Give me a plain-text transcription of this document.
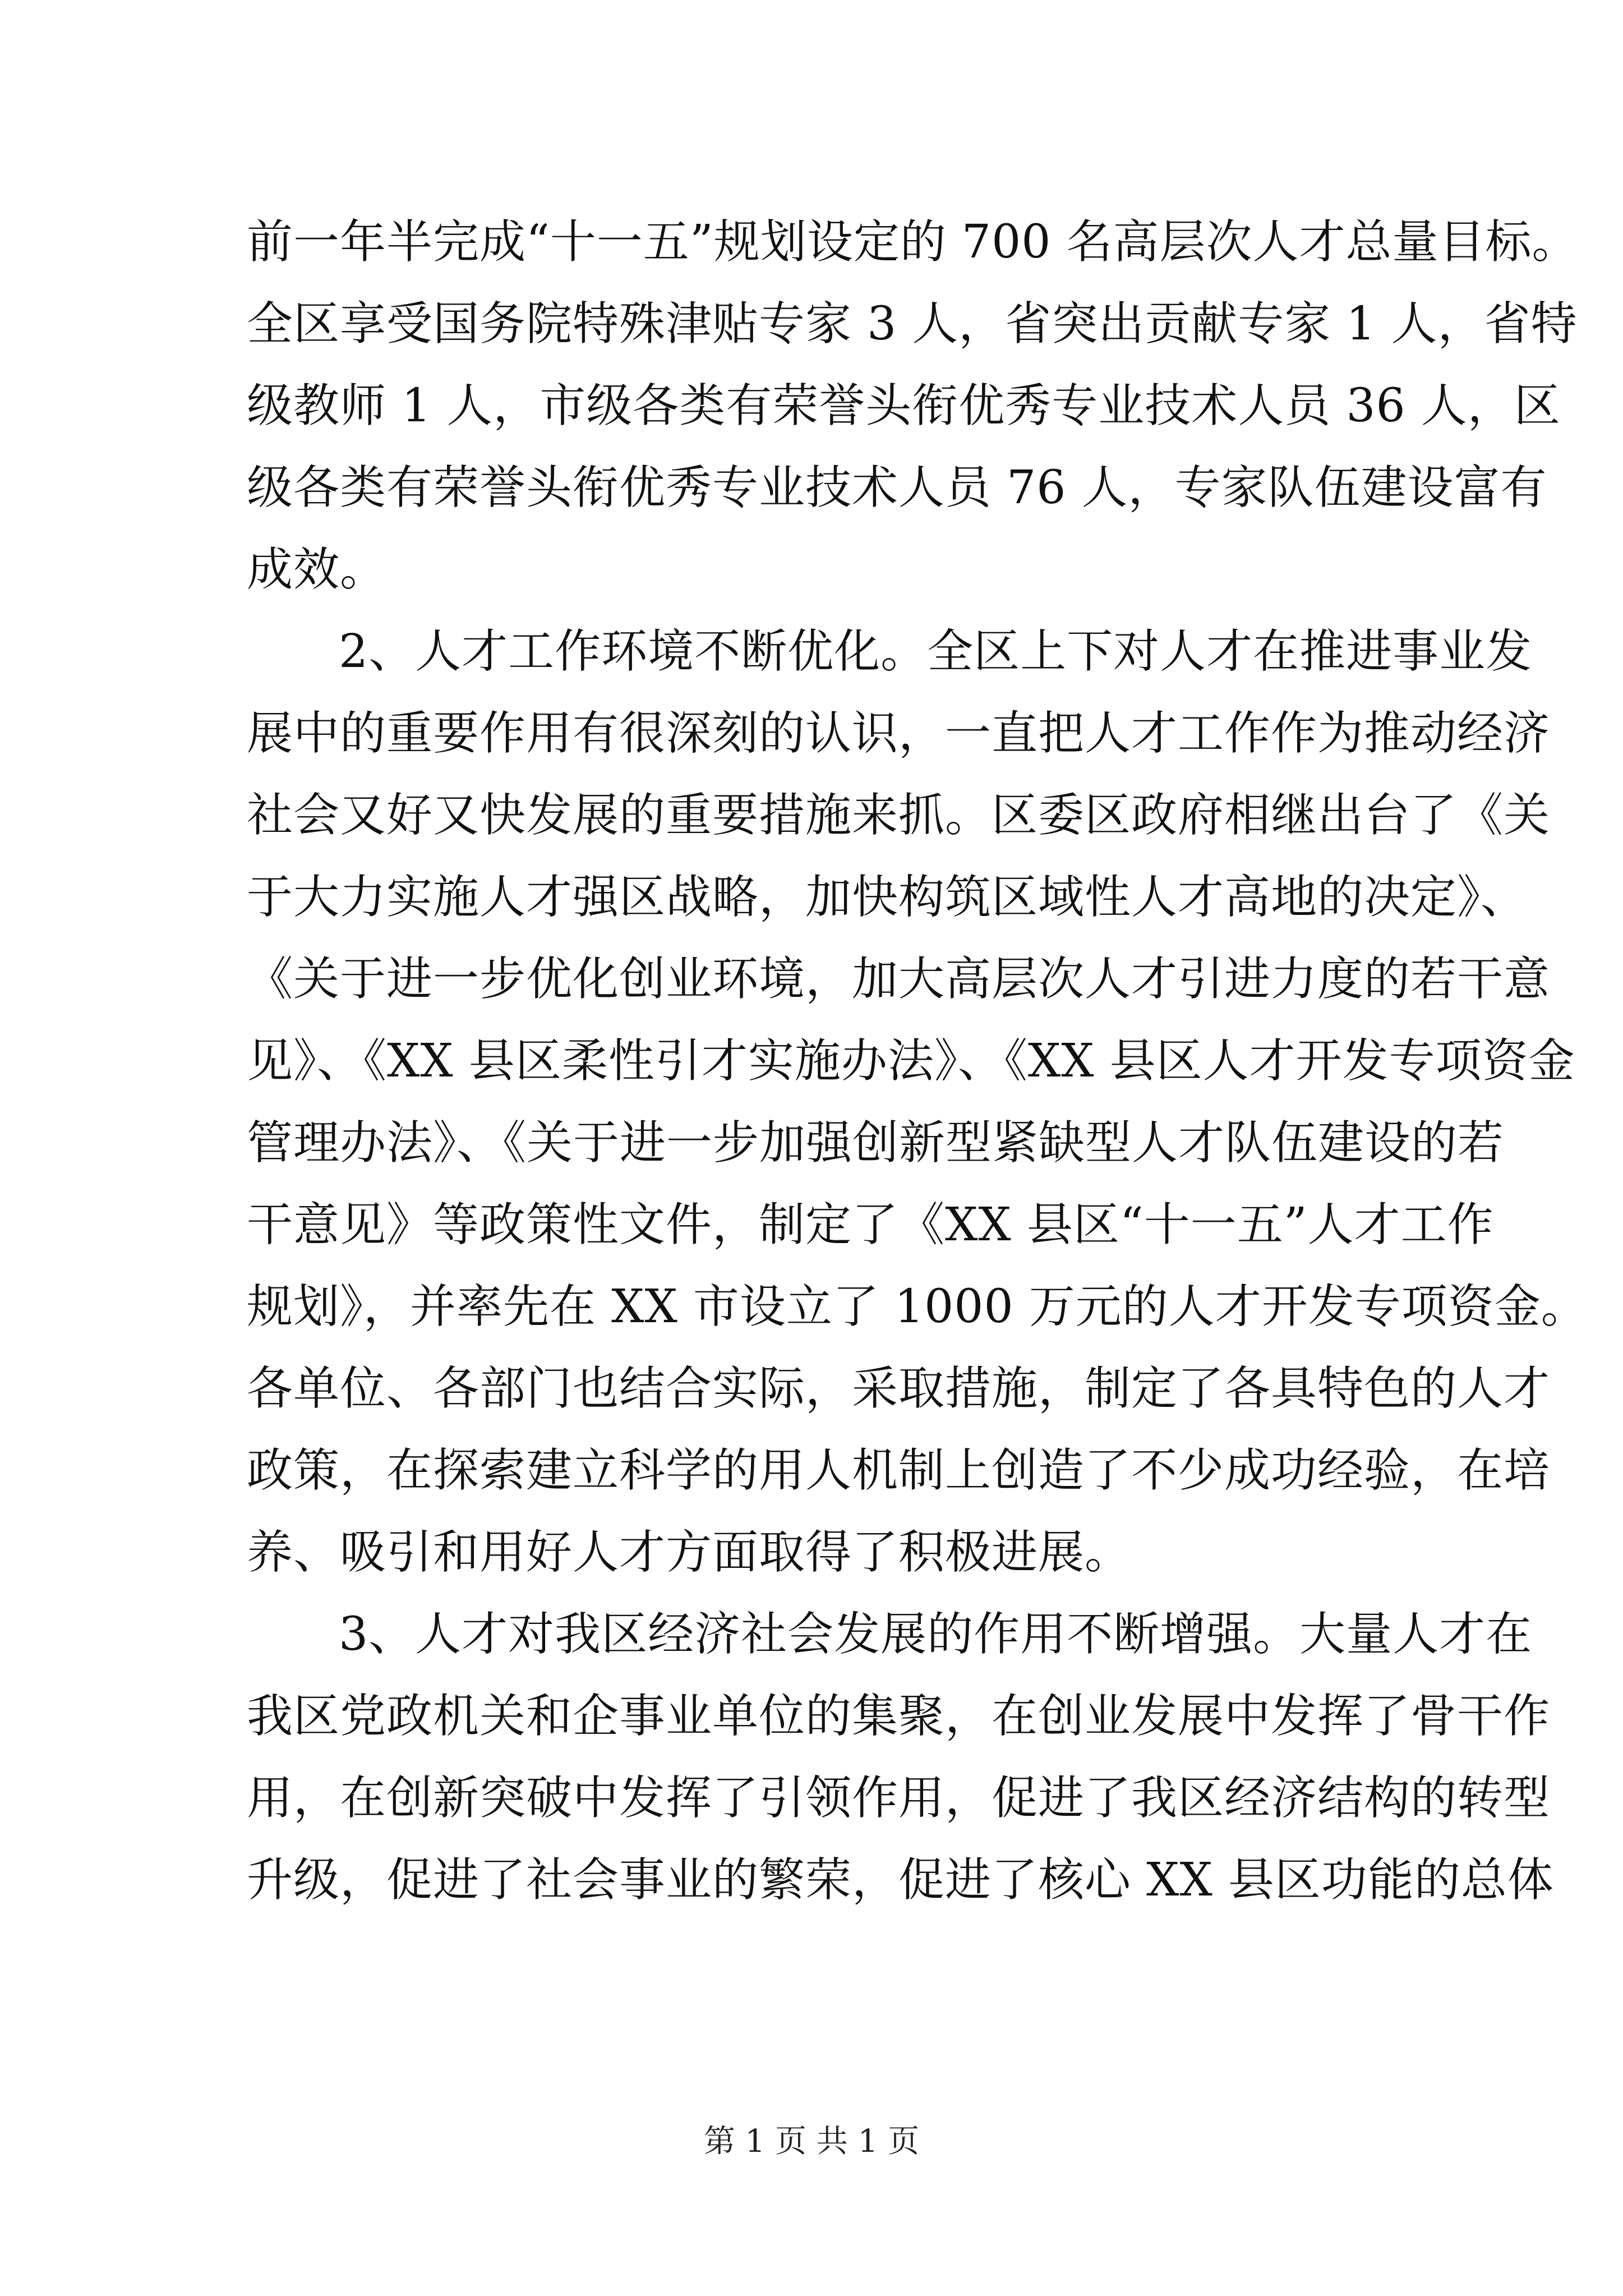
前一年半完成“十一五”规划设定的 700 名高层次人才总量目标。
全区享受国务院特殊津贴专家 3 人，省突出贡献专家 1 人，省特
级教师 1 人，市级各类有荣誉头衔优秀专业技术人员 36 人，区
级各类有荣誉头衔优秀专业技术人员 76 人，专家队伍建设富有
成效。
2、人才工作环境不断优化。全区上下对人才在推进事业发
展中的重要作用有很深刻的认识，一直把人才工作作为推动经济
社会又好又快发展的重要措施来抓。区委区政府相继出台了《关
于大力实施人才强区战略，加快构筑区域性人才高地的决定》、
《关于进一步优化创业环境，加大高层次人才引进力度的若干意
见》、《XX 县区柔性引才实施办法》、《XX 县区人才开发专项资金
管理办法》、《关于进一步加强创新型紧缺型人才队伍建设的若
干意见》等政策性文件，制定了《XX 县区“十一五”人才工作
规划》，并率先在 XX 市设立了 1000 万元的人才开发专项资金。
各单位、各部门也结合实际，采取措施，制定了各具特色的人才
政策，在探索建立科学的用人机制上创造了不少成功经验，在培
养、吸引和用好人才方面取得了积极进展。
3、人才对我区经济社会发展的作用不断增强。大量人才在
我区党政机关和企事业单位的集聚，在创业发展中发挥了骨干作
用，在创新突破中发挥了引领作用，促进了我区经济结构的转型
升级，促进了社会事业的繁荣，促进了核心 XX 县区功能的总体
第 1 页 共 1 页
